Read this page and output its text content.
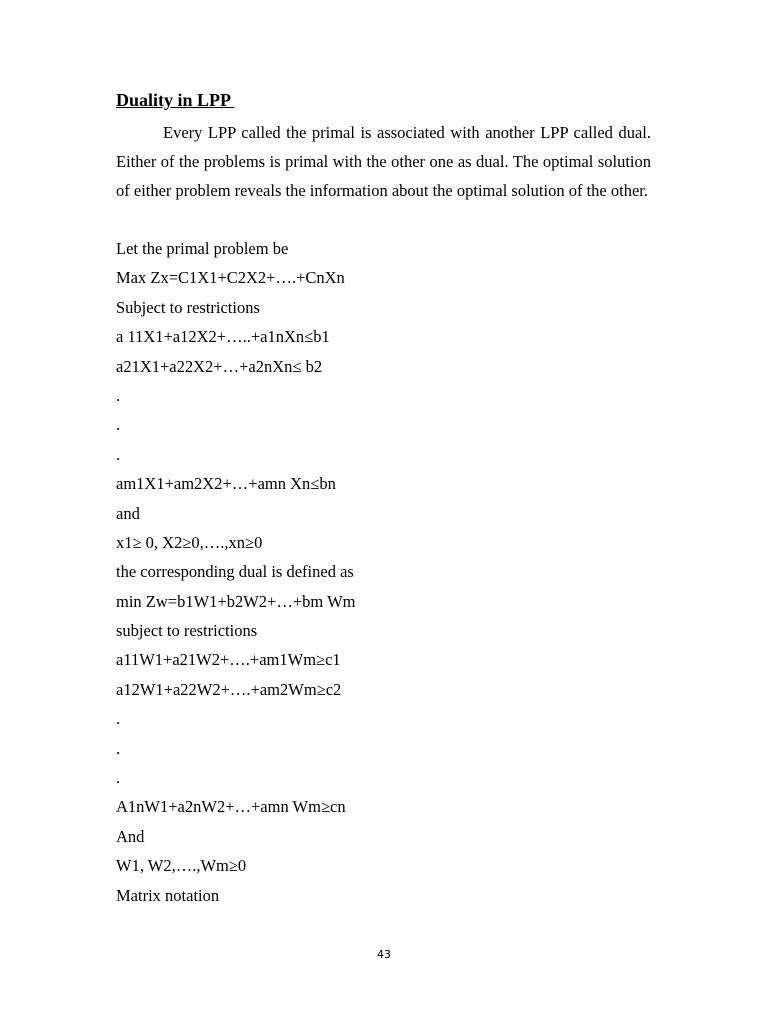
Duality in LPP

Every LPP called the primal is associated with another LPP called dual. Either of the problems is primal with the other one as dual. The optimal solution of either problem reveals the information about the optimal solution of the other.

Let the primal problem be
Max Zx=C1X1+C2X2+….+CnXn
Subject to restrictions
a 11X1+a12X2+…..+a1nXn≤b1
a21X1+a22X2+…+a2nXn≤ b2
.
.
.
am1X1+am2X2+…+amn Xn≤bn
and
x1≥ 0, X2≥0,….,xn≥0
the corresponding dual is defined as
min Zw=b1W1+b2W2+…+bm Wm
subject to restrictions
a11W1+a21W2+….+am1Wm≥c1
a12W1+a22W2+….+am2Wm≥c2
.
.
.
A1nW1+a2nW2+…+amn Wm≥cn
And
W1, W2,….,Wm≥0
Matrix notation
43
